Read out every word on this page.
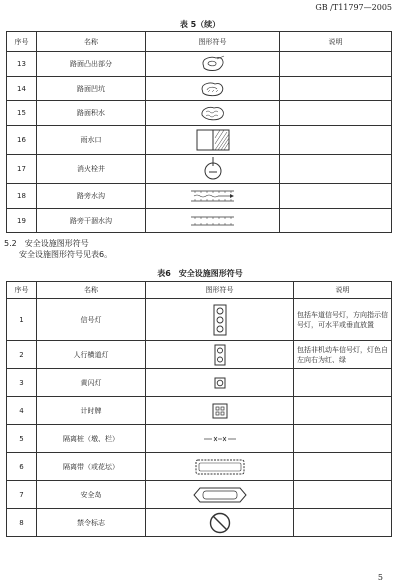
GB /T11797—2005
表 5（续）
序号	名称	图形符号	说明
13	路面凸出部分	

14	路面凹坑	

15	路面积水	

16	雨水口	

17	消火栓井	

18	路旁水沟	

19	路旁干涸水沟	

5.2　安全设施图形符号
安全设施图形符号见表6。
表6　安全设施图形符号
序号	名称	图形符号	说明
1	信号灯		包括车道信号灯，方向指示信号灯，可水平或垂直放置
2	人行横道灯		包括非机动车信号灯，灯色自左向右为红、绿
3	黄闪灯	

4	计时牌	

5	隔离桩（墩、栏）	

6	隔离带（或花坛）	

7	安全岛	

8	禁令标志	

5
